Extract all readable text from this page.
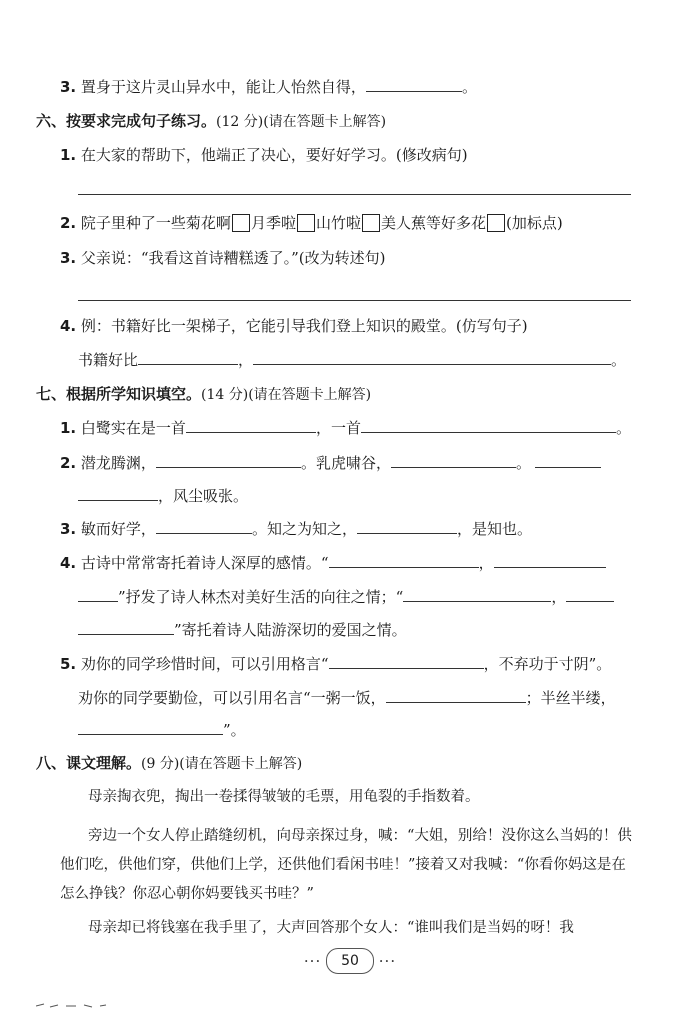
3. 置身于这片灵山异水中，能让人怡然自得，	。
六、按要求完成句子练习。(12 分)(请在答题卡上解答)
1. 在大家的帮助下，他端正了决心，要好好学习。(修改病句)
2. 院子里种了一些菊花啊 月季啦 山竹啦 美人蕉等好多花 (加标点)
3. 父亲说：“我看这首诗糟糕透了。”(改为转述句)
4. 例：书籍好比一架梯子，它能引导我们登上知识的殿堂。(仿写句子)
书籍好比	，	。
七、根据所学知识填空。(14 分)(请在答题卡上解答)
1. 白鹭实在是一首	，一首	。
2. 潜龙腾渊，	。乳虎啸谷，	。
，风尘吸张。
3. 敏而好学，	。知之为知之，	，是知也。
4. 古诗中常常寄托着诗人深厚的感情。“	，
”抒发了诗人林杰对美好生活的向往之情；“	，
”寄托着诗人陆游深切的爱国之情。
5. 劝你的同学珍惜时间，可以引用格言“	，不弃功于寸阴”。
劝你的同学要勤俭，可以引用名言“一粥一饭，	；半丝半缕，
”。
八、课文理解。(9 分)(请在答题卡上解答)
母亲掏衣兜，掏出一卷揉得皱皱的毛票，用龟裂的手指数着。
旁边一个女人停止踏缝纫机，向母亲探过身，喊：“大姐，别给！没你这么当妈的！供他们吃，供他们穿，供他们上学，还供他们看闲书哇！”接着又对我喊：“你看你妈这是在怎么挣钱？你忍心朝你妈要钱买书哇？”
母亲却已将钱塞在我手里了，大声回答那个女人：“谁叫我们是当妈的呀！我
··· 50 ···
